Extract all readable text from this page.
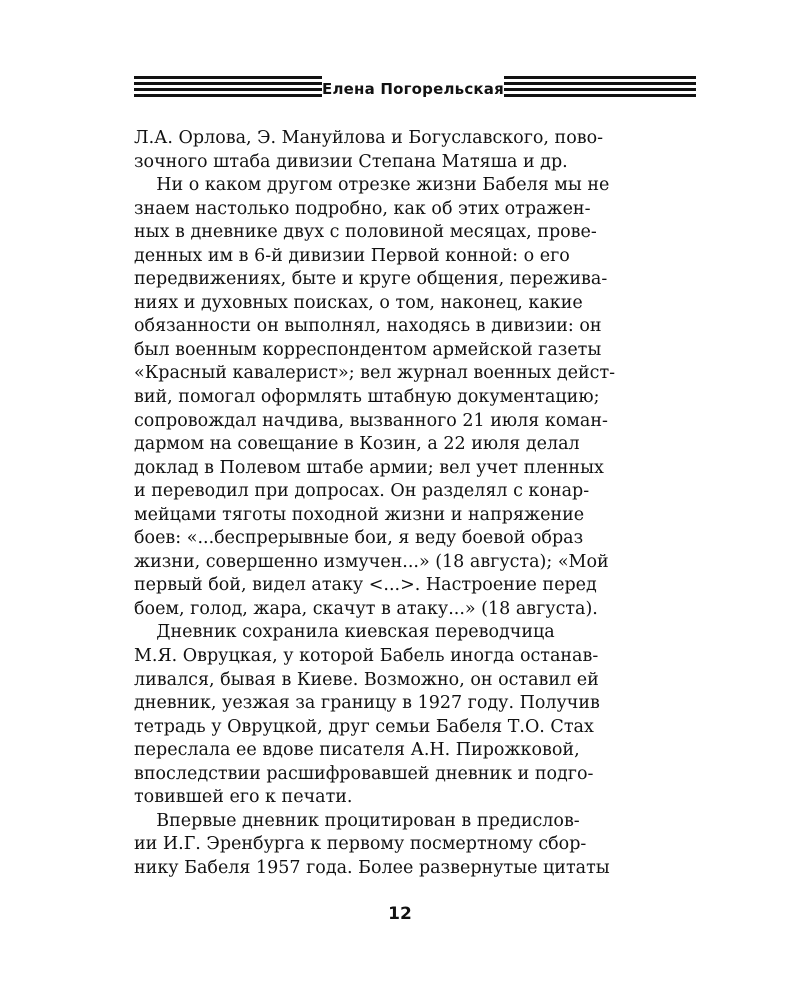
Елена Погорельская
Л.А. Орлова, Э. Мануйлова и Богуславского, пово-
зочного штаба дивизии Степана Матяша и др.
Ни о каком другом отрезке жизни Бабеля мы не
знаем настолько подробно, как об этих отражен-
ных в дневнике двух с половиной месяцах, прове-
денных им в 6-й дивизии Первой конной: о его
передвижениях, быте и круге общения, пережива-
ниях и духовных поисках, о том, наконец, какие
обязанности он выполнял, находясь в дивизии: он
был военным корреспондентом армейской газеты
«Красный кавалерист»; вел журнал военных дейст-
вий, помогал оформлять штабную документацию;
сопровождал начдива, вызванного 21 июля коман-
дармом на совещание в Козин, а 22 июля делал
доклад в Полевом штабе армии; вел учет пленных
и переводил при допросах. Он разделял с конар-
мейцами тяготы походной жизни и напряжение
боев: «...беспрерывные бои, я веду боевой образ
жизни, совершенно измучен...» (18 августа); «Мой
первый бой, видел атаку <...>. Настроение перед
боем, голод, жара, скачут в атаку...» (18 августа).
Дневник сохранила киевская переводчица
М.Я. Овруцкая, у которой Бабель иногда останав-
ливался, бывая в Киеве. Возможно, он оставил ей
дневник, уезжая за границу в 1927 году. Получив
тетрадь у Овруцкой, друг семьи Бабеля Т.О. Стах
переслала ее вдове писателя А.Н. Пирожковой,
впоследствии расшифровавшей дневник и подго-
товившей его к печати.
Впервые дневник процитирован в предислов-
ии И.Г. Эренбурга к первому посмертному сбор-
нику Бабеля 1957 года. Более развернутые цитаты
12
